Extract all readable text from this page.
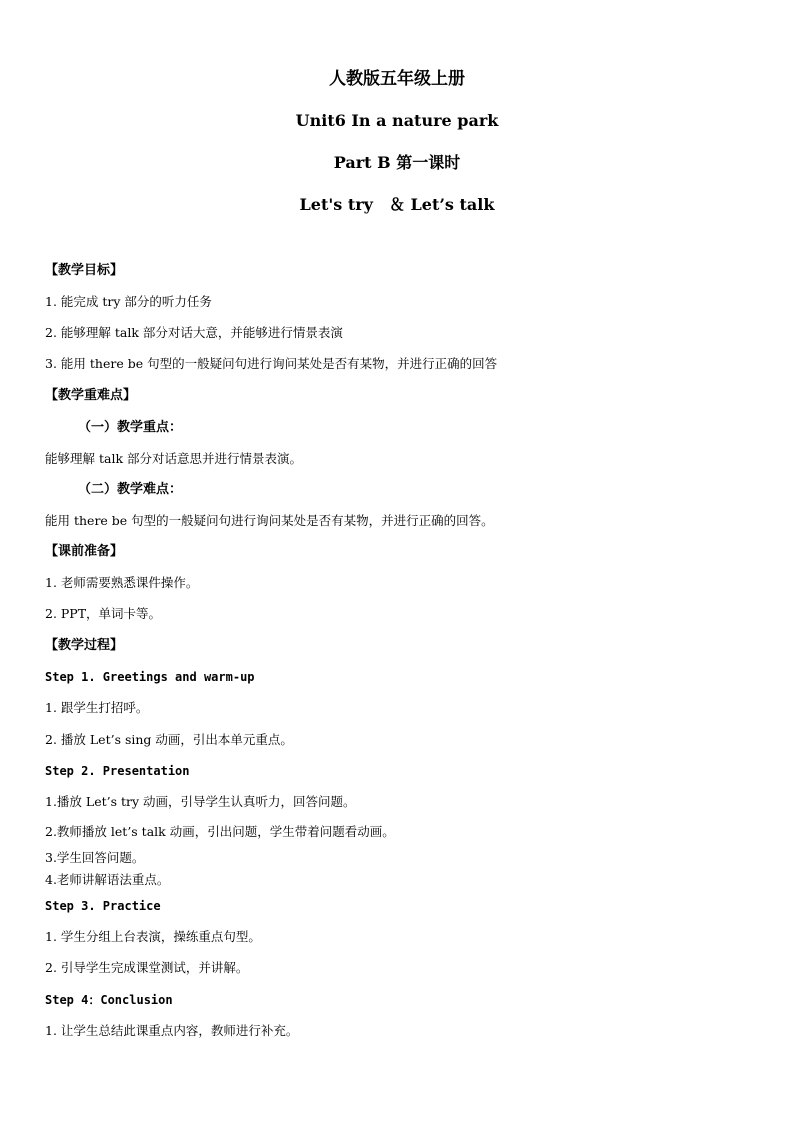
人教版五年级上册
Unit6 In a nature park
Part B 第一课时
Let's try　＆ Let’s talk
【教学目标】
1. 能完成 try 部分的听力任务
2. 能够理解 talk 部分对话大意，并能够进行情景表演
3. 能用 there be 句型的一般疑问句进行询问某处是否有某物，并进行正确的回答
【教学重难点】
（一）教学重点：
能够理解 talk 部分对话意思并进行情景表演。
（二）教学难点：
能用 there be 句型的一般疑问句进行询问某处是否有某物，并进行正确的回答。
【课前准备】
1. 老师需要熟悉课件操作。
2. PPT，单词卡等。
【教学过程】
Step 1. Greetings and warm-up
1. 跟学生打招呼。
2. 播放 Let’s sing 动画，引出本单元重点。
Step 2. Presentation
1.播放 Let’s try 动画，引导学生认真听力，回答问题。
2.教师播放 let’s talk 动画，引出问题，学生带着问题看动画。
3.学生回答问题。
4.老师讲解语法重点。
Step 3. Practice
1. 学生分组上台表演，操练重点句型。
2. 引导学生完成课堂测试，并讲解。
Step 4：Conclusion
1. 让学生总结此课重点内容，教师进行补充。
